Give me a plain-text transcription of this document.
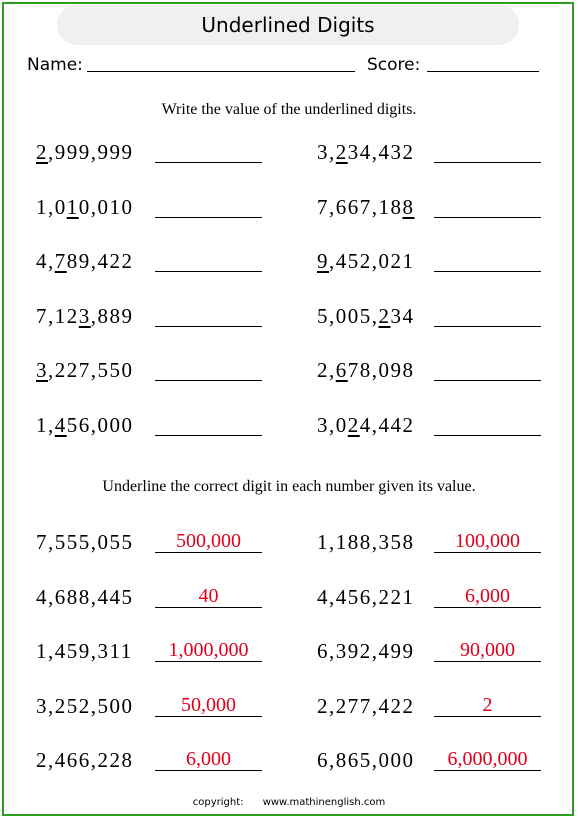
Underlined Digits
Name:	Score:
Write the value of the underlined digits.
2,999,999	3,234,432
1,010,010	7,667,188
4,789,422	9,452,021
7,123,889	5,005,234
3,227,550	2,678,098
1,456,000	3,024,442
Underline the correct digit in each number given its value.
7,555,055	500,000	1,188,358	100,000
4,688,445	40	4,456,221	6,000
1,459,311	1,000,000	6,392,499	90,000
3,252,500	50,000	2,277,422	2
2,466,228	6,000	6,865,000	6,000,000
copyright: www.mathinenglish.com
